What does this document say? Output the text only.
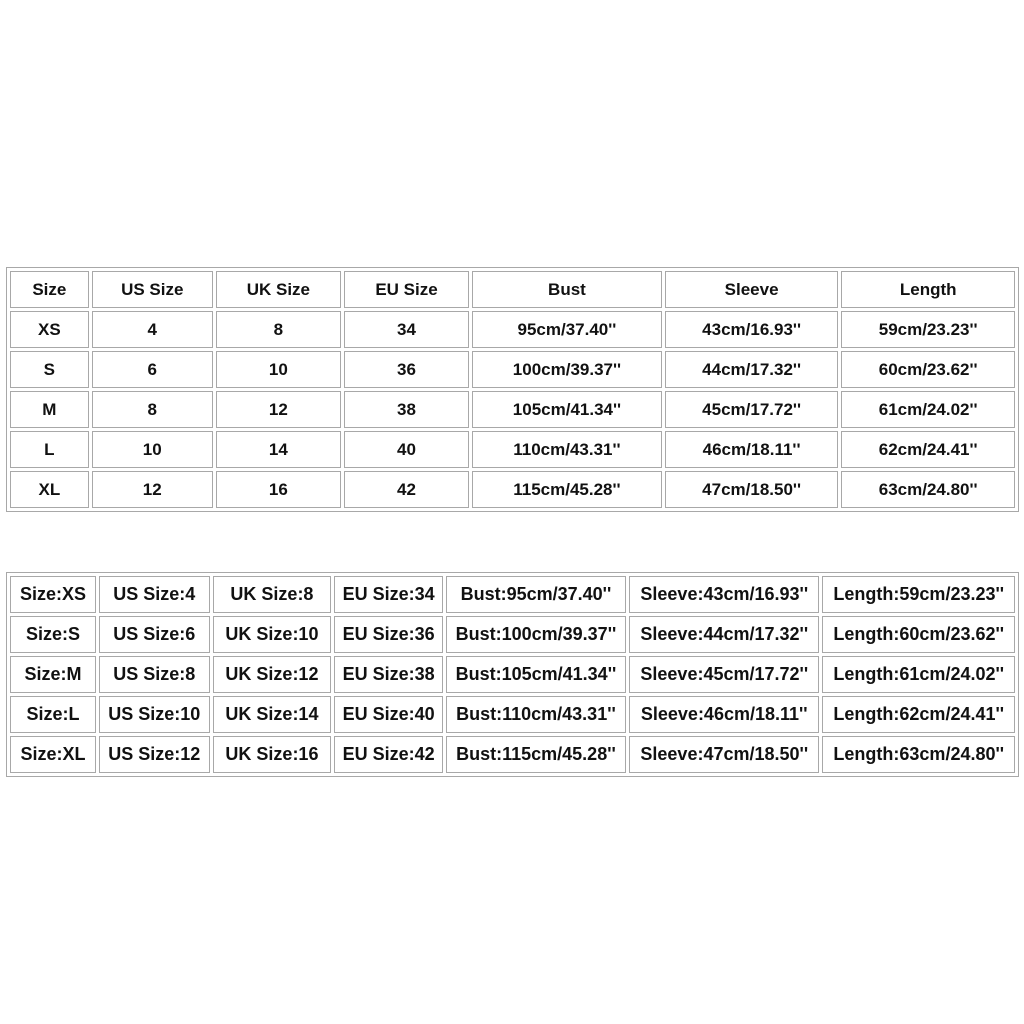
Size	US Size	UK Size	EU Size	Bust	Sleeve	Length
XS	4	8	34	95cm/37.40''	43cm/16.93''	59cm/23.23''
S	6	10	36	100cm/39.37''	44cm/17.32''	60cm/23.62''
M	8	12	38	105cm/41.34''	45cm/17.72''	61cm/24.02''
L	10	14	40	110cm/43.31''	46cm/18.11''	62cm/24.41''
XL	12	16	42	115cm/45.28''	47cm/18.50''	63cm/24.80''
Size:XS	US Size:4	UK Size:8	EU Size:34	Bust:95cm/37.40''	Sleeve:43cm/16.93''	Length:59cm/23.23''
Size:S	US Size:6	UK Size:10	EU Size:36	Bust:100cm/39.37''	Sleeve:44cm/17.32''	Length:60cm/23.62''
Size:M	US Size:8	UK Size:12	EU Size:38	Bust:105cm/41.34''	Sleeve:45cm/17.72''	Length:61cm/24.02''
Size:L	US Size:10	UK Size:14	EU Size:40	Bust:110cm/43.31''	Sleeve:46cm/18.11''	Length:62cm/24.41''
Size:XL	US Size:12	UK Size:16	EU Size:42	Bust:115cm/45.28''	Sleeve:47cm/18.50''	Length:63cm/24.80''
